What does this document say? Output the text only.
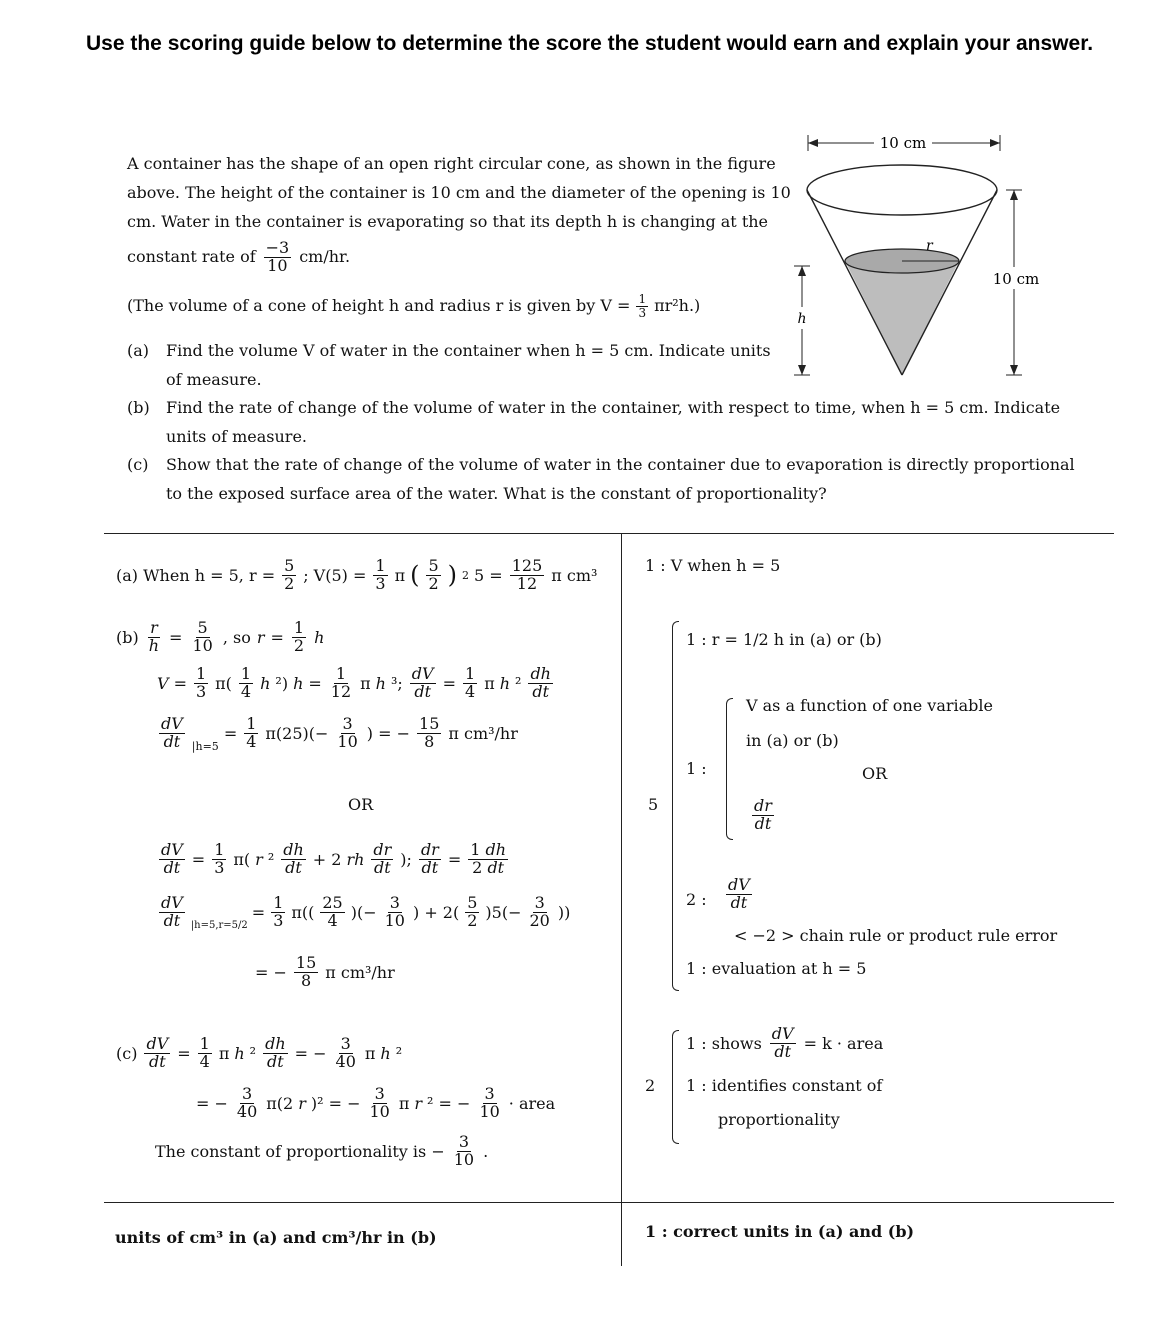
Use the scoring guide below to determine the score the student would earn and explain your answer.
A container has the shape of an open right circular cone, as shown in the figure
above. The height of the container is 10 cm and the diameter of the opening is 10
cm. Water in the container is evaporating so that its depth h is changing at the
constant rate of $\frac{-3}{10} cm/hr$.
(The volume of a cone of height h and radius r is given by $V = \frac{1}{3} \pi r^2h$.)
(a) Find the volume V of water in the container when h = 5 cm. Indicate units
of measure.
(b) Find the rate of change of the volume of water in the container, with respect to time, when h = 5 cm. Indicate
units of measure.
(c) Show that the rate of change of the volume of water in the container due to evaporation is directly proportional
to the exposed surface area of the water. What is the constant of proportionality?
10 cm
r
h
10 cm
(a) When h = 5, $r = \frac{5}{2}$ ; $V(5) = \frac{1}{3}$ π ( $\frac{5}{2}$ ) 2 $5 = \frac{125}{12}$ π cm³
$(b) \frac{r}{h} = \frac{5}{10}$ , so $r = \frac{1}{2}$ h
$V = \frac{1}{3} \pi( \frac{1}{4}$ h ²) $h = \frac{1}{12}$ π h ³; $\frac{dV}{dt} = \frac{1}{4}$ π h $^2 \frac{dh}{dt}$
$\frac{dV}{dt} |h=5$
= $\frac{1}{4} \pi(25)(- \frac{3}{10}$ ) = − $\frac{15}{8}$ π cm³/hr
OR
$\frac{dV}{dt} = \frac{1}{3} \pi$( r $^2 \frac{dh}{dt} + 2$ rh $\frac{dr}{dt}$ ); $\frac{dr}{dt} = \frac{1 dh}{2 dt}$
$\frac{dV}{dt} |h=5,r=5/2$
= $\frac{1}{3} \pi(( \frac{25}{4}$ )(− $\frac{3}{10}$ ) + $2( \frac{5}{2} )5(- \frac{3}{20}$ ))
= − $\frac{15}{8}$ π cm³/hr
$(c) \frac{dV}{dt} = \frac{1}{4}$ π h $^2 \frac{dh}{dt}$ = − $\frac{3}{40}$ π h ²
= − $\frac{3}{40} \pi(2$ r )² = − $\frac{3}{10}$ π r ² = − $\frac{3}{10}$ · area
The constant of proportionality is − $\frac{3}{10}$ .
units of cm³ in (a) and cm³/hr in (b)
1 : V when h = 5
1 : r = 1/2 h in (a) or (b)
5
1 :
V as a function of one variable
in (a) or (b)
OR
$\frac{dr}{dt}$
2 : $\frac{dV}{dt}$
< −2 > chain rule or product rule error
1 : evaluation at h = 5
2
1 : shows $\frac{dV}{dt} = k$ · area
1 : identifies constant of
proportionality
1 : correct units in (a) and (b)
